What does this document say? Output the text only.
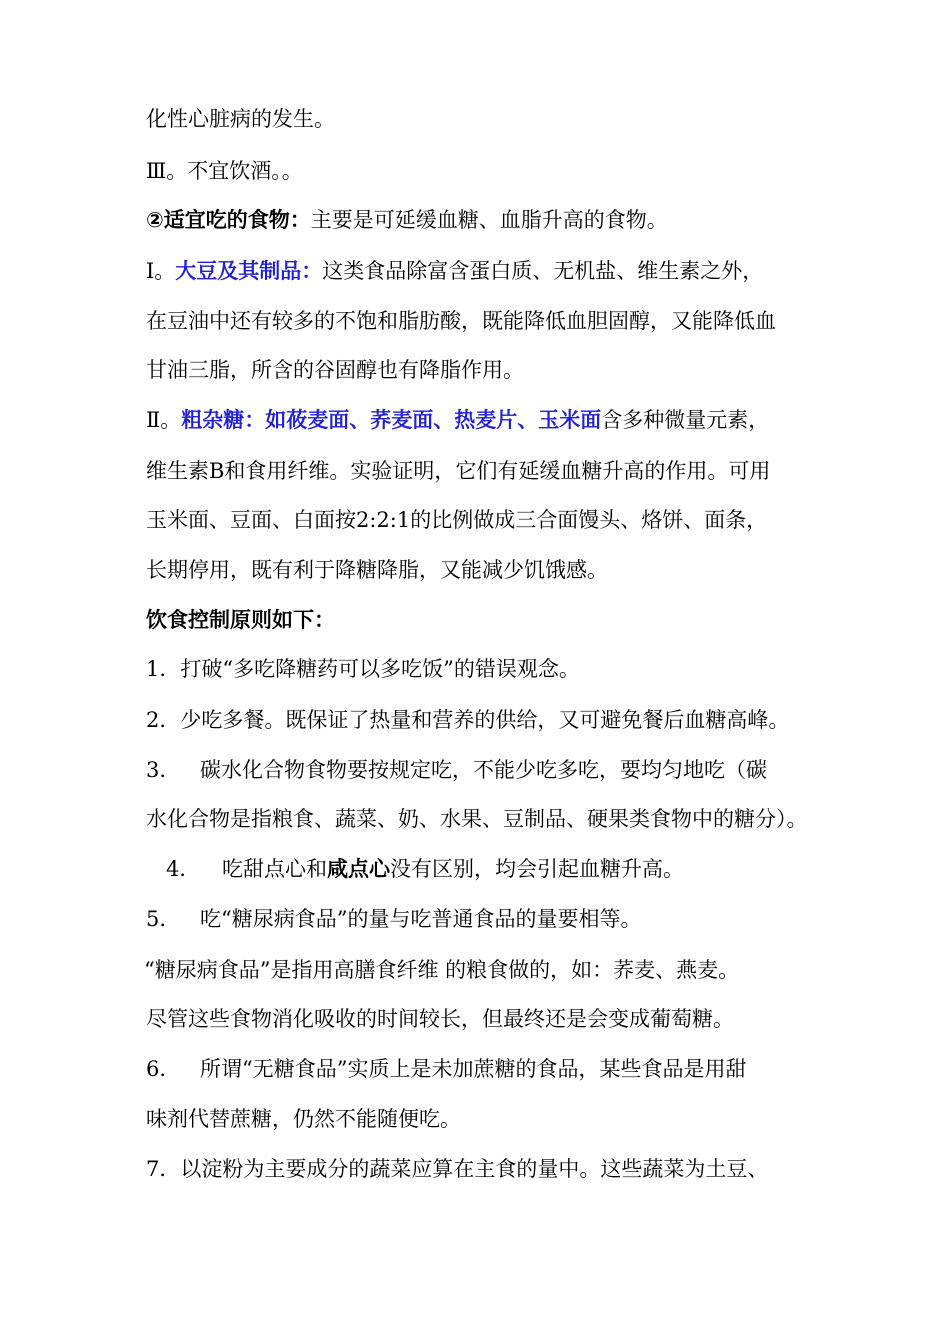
化性心脏病的发生。
Ⅲ。不宜饮酒。。
②适宜吃的食物：主要是可延缓血糖、血脂升高的食物。
Ⅰ。大豆及其制品：这类食品除富含蛋白质、无机盐、维生素之外，
在豆油中还有较多的不饱和脂肪酸，既能降低血胆固醇，又能降低血
甘油三脂，所含的谷固醇也有降脂作用。
Ⅱ。粗杂糖：如莜麦面、荞麦面、热麦片、玉米面含多种微量元素，
维生素B和食用纤维。实验证明，它们有延缓血糖升高的作用。可用
玉米面、豆面、白面按2:2:1的比例做成三合面馒头、烙饼、面条，
长期停用，既有利于降糖降脂，又能减少饥饿感。
饮食控制原则如下：
1．打破“多吃降糖药可以多吃饭”的错误观念。
2．少吃多餐。既保证了热量和营养的供给，又可避免餐后血糖高峰。
3． 碳水化合物食物要按规定吃，不能少吃多吃，要均匀地吃（碳
水化合物是指粮食、蔬菜、奶、水果、豆制品、硬果类食物中的糖分）。
4． 吃甜点心和咸点心没有区别，均会引起血糖升高。
5． 吃“糖尿病食品”的量与吃普通食品的量要相等。
“糖尿病食品”是指用高膳食纤维 的粮食做的，如：荞麦、燕麦。
尽管这些食物消化吸收的时间较长，但最终还是会变成葡萄糖。
6． 所谓“无糖食品”实质上是未加蔗糖的食品，某些食品是用甜
味剂代替蔗糖，仍然不能随便吃。
7．以淀粉为主要成分的蔬菜应算在主食的量中。这些蔬菜为土豆、
